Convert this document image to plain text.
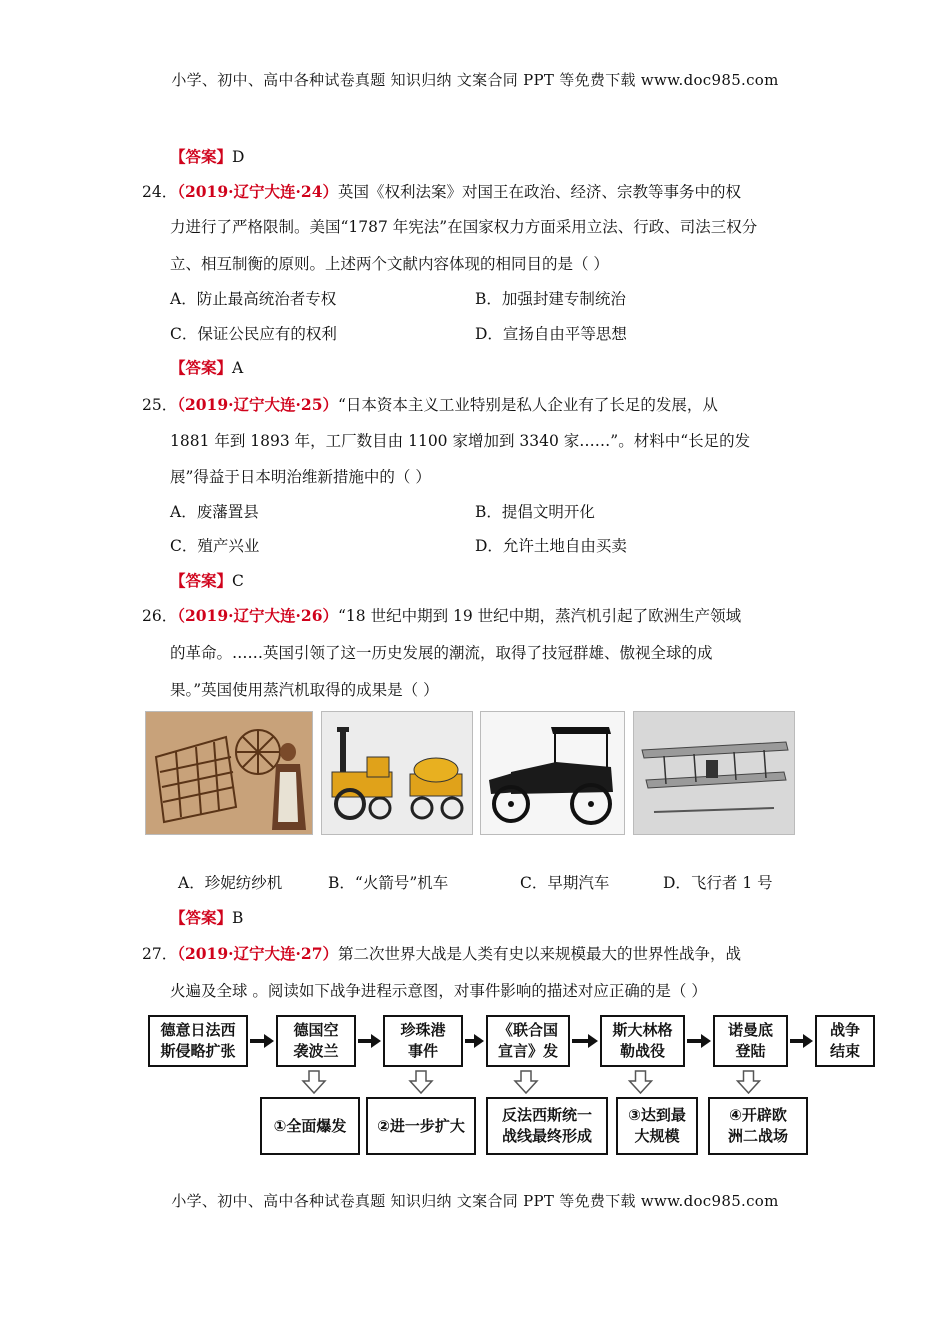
小学、初中、高中各种试卷真题 知识归纳 文案合同 PPT 等免费下载 www.doc985.com
【答案】D
24．（2019·辽宁大连·24）英国《权利法案》对国王在政治、经济、宗教等事务中的权
力进行了严格限制。美国“1787 年宪法”在国家权力方面采用立法、行政、司法三权分
立、相互制衡的原则。上述两个文献内容体现的相同目的是（ ）
A．防止最高统治者专权	B．加强封建专制统治
C．保证公民应有的权利	D．宣扬自由平等思想
【答案】A
25．（2019·辽宁大连·25）“日本资本主义工业特别是私人企业有了长足的发展，从
1881 年到 1893 年，工厂数目由 1100 家增加到 3340 家……”。材料中“长足的发
展”得益于日本明治维新措施中的（ ）
A．废藩置县	B．提倡文明开化
C．殖产兴业	D．允许土地自由买卖
【答案】C
26．（2019·辽宁大连·26）“18 世纪中期到 19 世纪中期，蒸汽机引起了欧洲生产领域
的革命。……英国引领了这一历史发展的潮流，取得了技冠群雄、傲视全球的成
果。”英国使用蒸汽机取得的成果是（ ）
A．珍妮纺纱机	B．“火箭号”机车	C．早期汽车	D．飞行者 1 号
【答案】B
27．（2019·辽宁大连·27）第二次世界大战是人类有史以来规模最大的世界性战争，战
火遍及全球 。阅读如下战争进程示意图，对事件影响的描述对应正确的是（ ）
德意日法西
斯侵略扩张
德国空
袭波兰
珍珠港
事件
《联合国
宣言》发
斯大林格
勒战役
诺曼底
登陆
战争
结束
①全面爆发 ②进一步扩大
反法西斯统一
战线最终形成
③达到最
大规模
④开辟欧
洲二战场
小学、初中、高中各种试卷真题 知识归纳 文案合同 PPT 等免费下载 www.doc985.com
